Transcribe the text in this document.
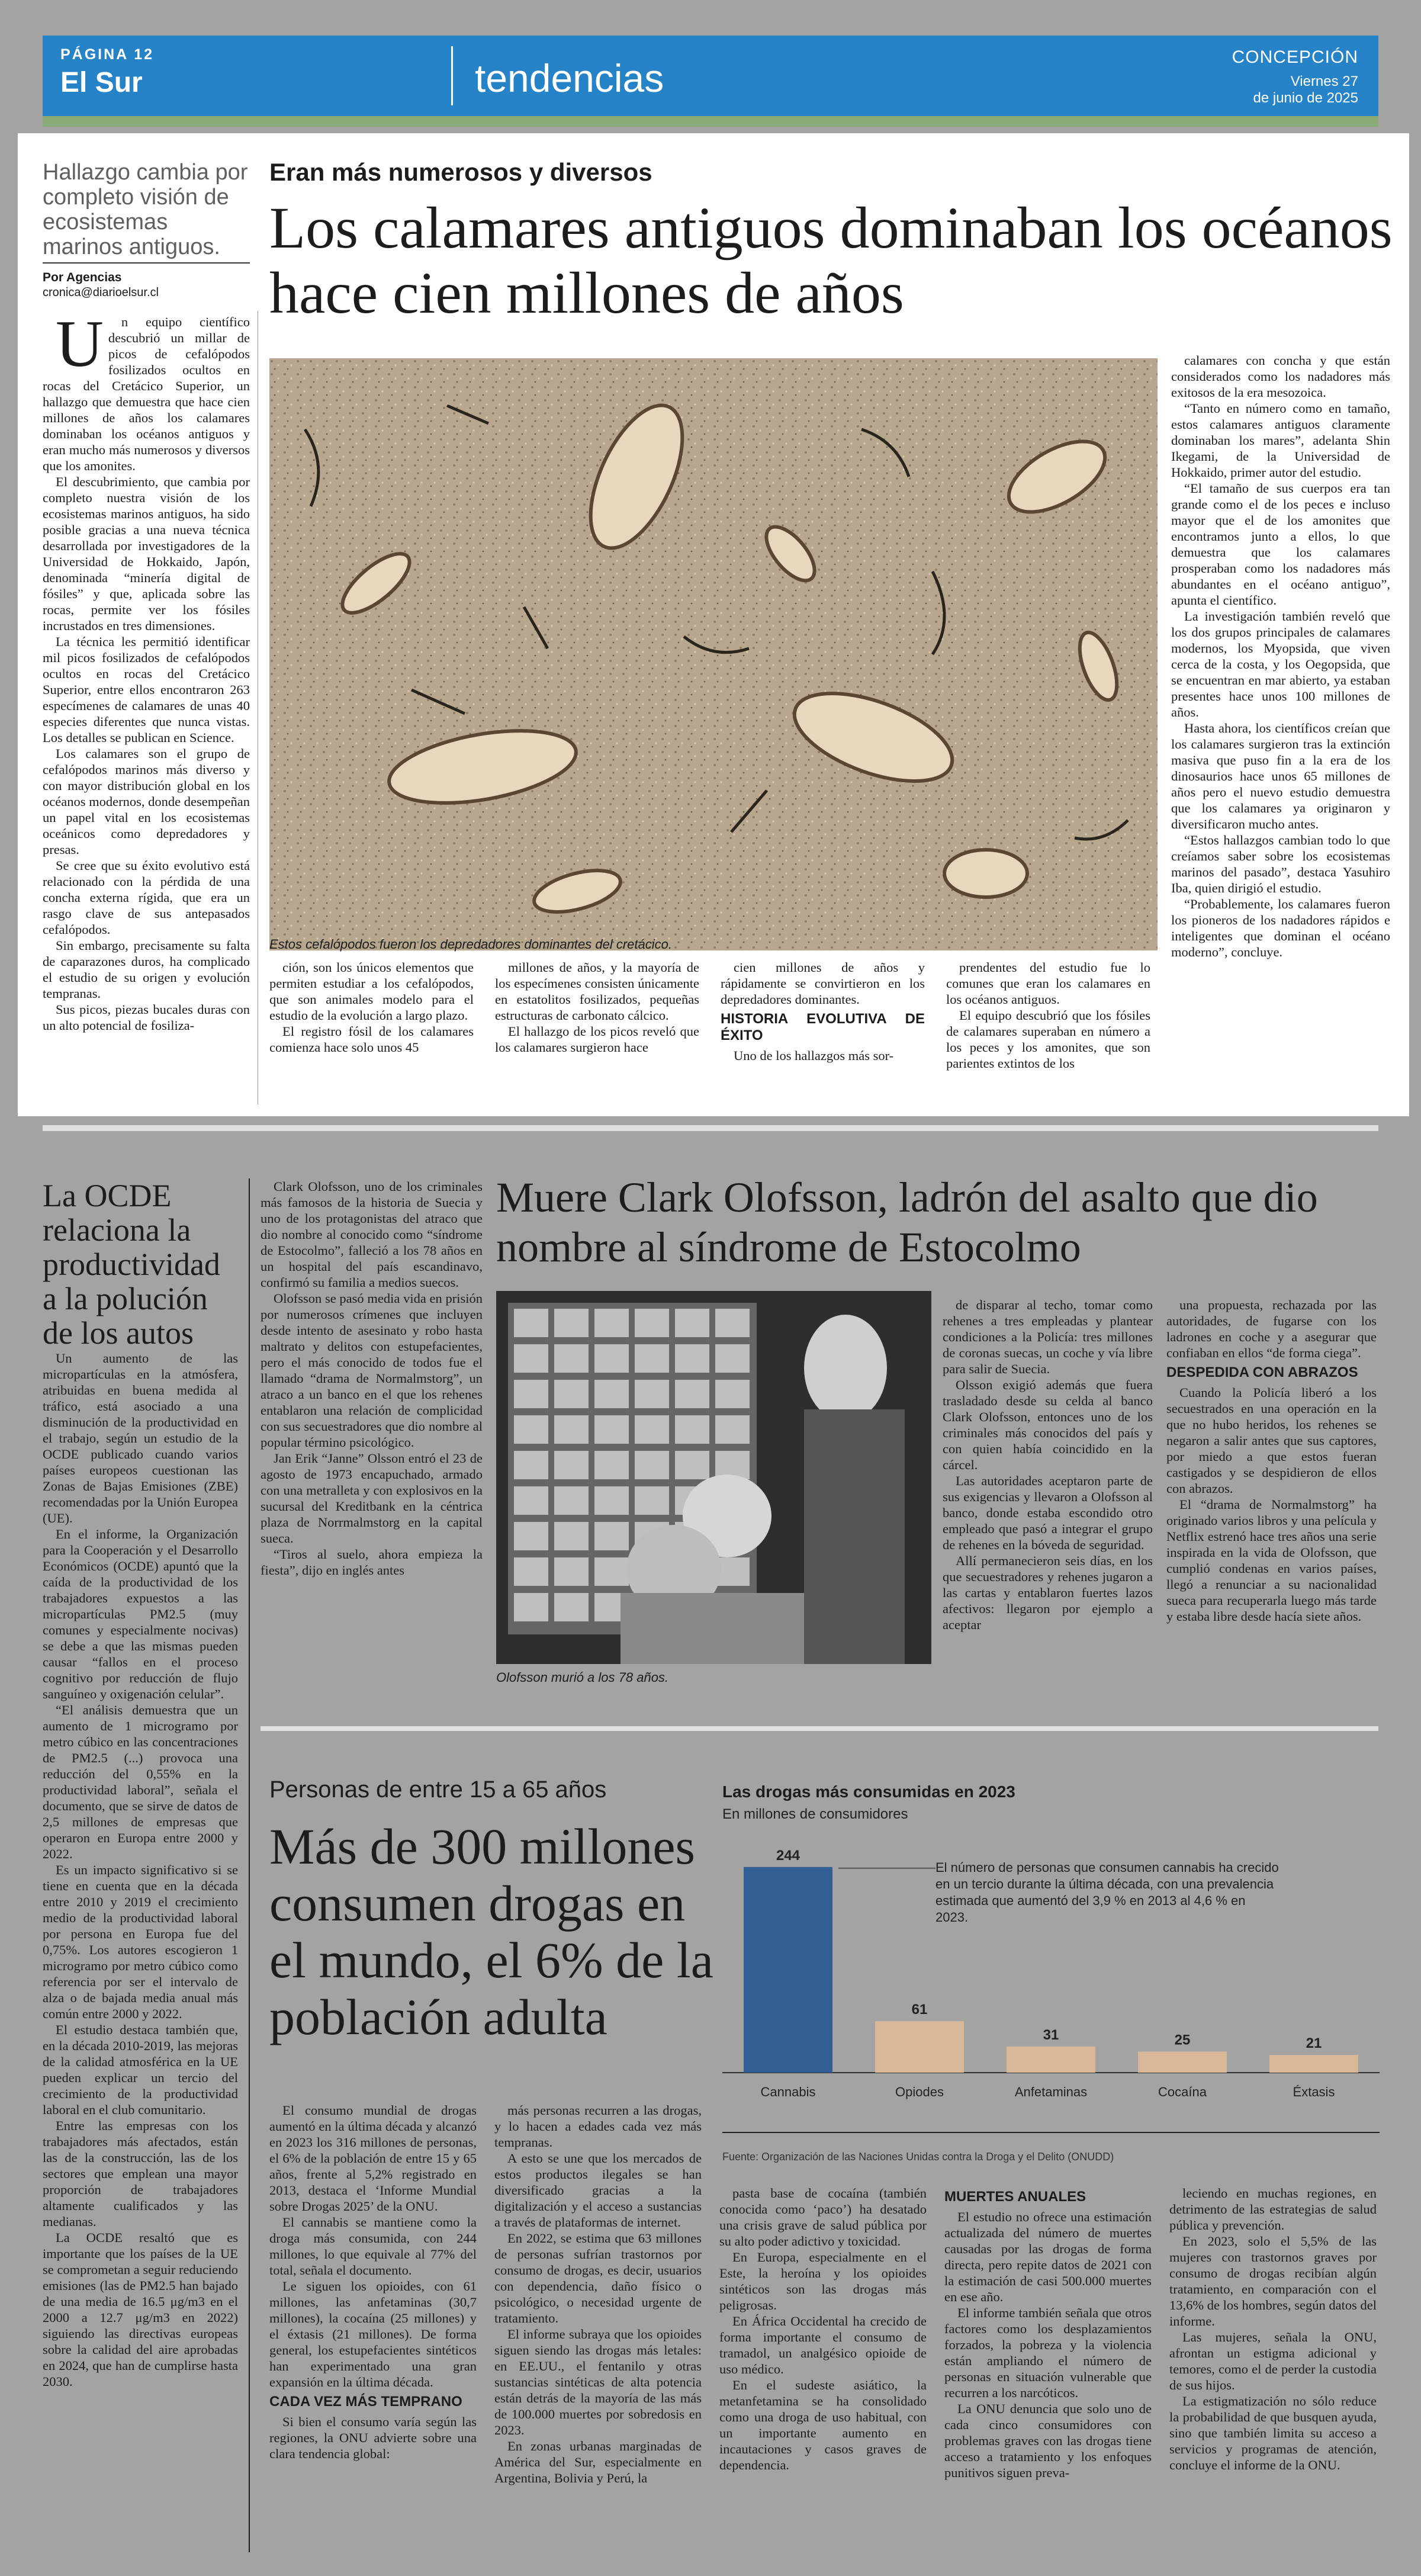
PÁGINA 12
El Sur	tendencias	CONCEPCIÓN
Viernes 27
de junio de 2025
Hallazgo cambia por completo visión de ecosistemas marinos antiguos.
Por Agencias
cronica@diarioelsur.cl
Eran más numerosos y diversos
Los calamares antiguos dominaban los océanos hace cien millones de años

Un equipo científico descubrió un millar de picos de cefalópodos fosilizados ocultos en rocas del Cretácico Superior, un hallazgo que demuestra que hace cien millones de años los calamares dominaban los océanos antiguos y eran mucho más numerosos y diversos que los amonites.

El descubrimiento, que cambia por completo nuestra visión de los ecosistemas marinos antiguos, ha sido posible gracias a una nueva técnica desarrollada por investigadores de la Universidad de Hokkaido, Japón, denominada “minería digital de fósiles” y que, aplicada sobre las rocas, permite ver los fósiles incrustados en tres dimensiones.

La técnica les permitió identificar mil picos fosilizados de cefalópodos ocultos en rocas del Cretácico Superior, entre ellos encontraron 263 especímenes de calamares de unas 40 especies diferentes que nunca vistas. Los detalles se publican en Science.

Los calamares son el grupo de cefalópodos marinos más diverso y con mayor distribución global en los océanos modernos, donde desempeñan un papel vital en los ecosistemas oceánicos como depredadores y presas.

Se cree que su éxito evolutivo está relacionado con la pérdida de una concha externa rígida, que era un rasgo clave de sus antepasados cefalópodos.

Sin embargo, precisamente su falta de caparazones duros, ha complicado el estudio de su origen y evolución tempranas.

Sus picos, piezas bucales duras con un alto potencial de fosiliza-

Estos cefalópodos fueron los depredadores dominantes del cretácico.

ción, son los únicos elementos que permiten estudiar a los cefalópodos, que son animales modelo para el estudio de la evolución a largo plazo.

El registro fósil de los calamares comienza hace solo unos 45

millones de años, y la mayoría de los especímenes consisten únicamente en estatolitos fosilizados, pequeñas estructuras de carbonato cálcico.

El hallazgo de los picos reveló que los calamares surgieron hace

cien millones de años y rápidamente se convirtieron en los depredadores dominantes.

HISTORIA EVOLUTIVA DE ÉXITO

Uno de los hallazgos más sor-

prendentes del estudio fue lo comunes que eran los calamares en los océanos antiguos.

El equipo descubrió que los fósiles de calamares superaban en número a los peces y los amonites, que son parientes extintos de los

calamares con concha y que están considerados como los nadadores más exitosos de la era mesozoica.

“Tanto en número como en tamaño, estos calamares antiguos claramente dominaban los mares”, adelanta Shin Ikegami, de la Universidad de Hokkaido, primer autor del estudio.

“El tamaño de sus cuerpos era tan grande como el de los peces e incluso mayor que el de los amonites que encontramos junto a ellos, lo que demuestra que los calamares prosperaban como los nadadores más abundantes en el océano antiguo”, apunta el científico.

La investigación también reveló que los dos grupos principales de calamares modernos, los Myopsida, que viven cerca de la costa, y los Oegopsida, que se encuentran en mar abierto, ya estaban presentes hace unos 100 millones de años.

Hasta ahora, los científicos creían que los calamares surgieron tras la extinción masiva que puso fin a la era de los dinosaurios hace unos 65 millones de años pero el nuevo estudio demuestra que los calamares ya originaron y diversificaron mucho antes.

“Estos hallazgos cambian todo lo que creíamos saber sobre los ecosistemas marinos del pasado”, destaca Yasuhiro Iba, quien dirigió el estudio.

“Probablemente, los calamares fueron los pioneros de los nadadores rápidos e inteligentes que dominan el océano moderno”, concluye.

La OCDE relaciona la productividad a la polución de los autos

Un aumento de las micropartículas en la atmósfera, atribuidas en buena medida al tráfico, está asociado a una disminución de la productividad en el trabajo, según un estudio de la OCDE publicado cuando varios países europeos cuestionan las Zonas de Bajas Emisiones (ZBE) recomendadas por la Unión Europea (UE).

En el informe, la Organización para la Cooperación y el Desarrollo Económicos (OCDE) apuntó que la caída de la productividad de los trabajadores expuestos a las micropartículas PM2.5 (muy comunes y especialmente nocivas) se debe a que las mismas pueden causar “fallos en el proceso cognitivo por reducción de flujo sanguíneo y oxigenación celular”.

“El análisis demuestra que un aumento de 1 microgramo por metro cúbico en las concentraciones de PM2.5 (...) provoca una reducción del 0,55% en la productividad laboral”, señala el documento, que se sirve de datos de 2,5 millones de empresas que operaron en Europa entre 2000 y 2022.

Es un impacto significativo si se tiene en cuenta que en la década entre 2010 y 2019 el crecimiento medio de la productividad laboral por persona en Europa fue del 0,75%. Los autores escogieron 1 microgramo por metro cúbico como referencia por ser el intervalo de alza o de bajada media anual más común entre 2000 y 2022.

El estudio destaca también que, en la década 2010-2019, las mejoras de la calidad atmosférica en la UE pueden explicar un tercio del crecimiento de la productividad laboral en el club comunitario.

Entre las empresas con los trabajadores más afectados, están las de la construcción, las de los sectores que emplean una mayor proporción de trabajadores altamente cualificados y las medianas.

La OCDE resaltó que es importante que los países de la UE se comprometan a seguir reduciendo emisiones (las de PM2.5 han bajado de una media de 16.5 μg/m3 en el 2000 a 12.7 μg/m3 en 2022) siguiendo las directivas europeas sobre la calidad del aire aprobadas en 2024, que han de cumplirse hasta 2030.

Clark Olofsson, uno de los criminales más famosos de la historia de Suecia y uno de los protagonistas del atraco que dio nombre al conocido como “síndrome de Estocolmo”, falleció a los 78 años en un hospital del país escandinavo, confirmó su familia a medios suecos.

Olofsson se pasó media vida en prisión por numerosos crímenes que incluyen desde intento de asesinato y robo hasta maltrato y delitos con estupefacientes, pero el más conocido de todos fue el llamado “drama de Normalmstorg”, un atraco a un banco en el que los rehenes entablaron una relación de complicidad con sus secuestradores que dio nombre al popular término psicológico.

Jan Erik “Janne” Olsson entró el 23 de agosto de 1973 encapuchado, armado con una metralleta y con explosivos en la sucursal del Kreditbank en la céntrica plaza de Norrmalmstorg en la capital sueca.

“Tiros al suelo, ahora empieza la fiesta”, dijo en inglés antes

Muere Clark Olofsson, ladrón del asalto que dio nombre al síndrome de Estocolmo
Olofsson murió a los 78 años.

de disparar al techo, tomar como rehenes a tres empleadas y plantear condiciones a la Policía: tres millones de coronas suecas, un coche y vía libre para salir de Suecia.

Olsson exigió además que fuera trasladado desde su celda al banco Clark Olofsson, entonces uno de los criminales más conocidos del país y con quien había coincidido en la cárcel.

Las autoridades aceptaron parte de sus exigencias y llevaron a Olofsson al banco, donde estaba escondido otro empleado que pasó a integrar el grupo de rehenes en la bóveda de seguridad.

Allí permanecieron seis días, en los que secuestradores y rehenes jugaron a las cartas y entablaron fuertes lazos afectivos: llegaron por ejemplo a aceptar

una propuesta, rechazada por las autoridades, de fugarse con los ladrones en coche y a asegurar que confiaban en ellos “de forma ciega”.

DESPEDIDA CON ABRAZOS

Cuando la Policía liberó a los secuestrados en una operación en la que no hubo heridos, los rehenes se negaron a salir antes que sus captores, por miedo a que estos fueran castigados y se despidieron de ellos con abrazos.

El “drama de Normalmstorg” ha originado varios libros y una película y Netflix estrenó hace tres años una serie inspirada en la vida de Olofsson, que cumplió condenas en varios países, llegó a renunciar a su nacionalidad sueca para recuperarla luego más tarde y estaba libre desde hacía siete años.

Personas de entre 15 a 65 años
Más de 300 millones consumen drogas en el mundo, el 6% de la población adulta
Las drogas más consumidas en 2023
En millones de consumidores
244
Cannabis
61
Opiodes
31
Anfetaminas
25
Cocaína
21
Éxtasis
El número de personas que consumen cannabis ha crecido en un tercio durante la última década, con una prevalencia estimada que aumentó del 3,9 % en 2013 al 4,6 % en 2023.
Fuente: Organización de las Naciones Unidas contra la Droga y el Delito (ONUDD)

El consumo mundial de drogas aumentó en la última década y alcanzó en 2023 los 316 millones de personas, el 6% de la población de entre 15 y 65 años, frente al 5,2% registrado en 2013, destaca el ‘Informe Mundial sobre Drogas 2025’ de la ONU.

El cannabis se mantiene como la droga más consumida, con 244 millones, lo que equivale al 77% del total, señala el documento.

Le siguen los opioides, con 61 millones, las anfetaminas (30,7 millones), la cocaína (25 millones) y el éxtasis (21 millones). De forma general, los estupefacientes sintéticos han experimentado una gran expansión en la última década.

CADA VEZ MÁS TEMPRANO

Si bien el consumo varía según las regiones, la ONU advierte sobre una clara tendencia global:

más personas recurren a las drogas, y lo hacen a edades cada vez más tempranas.

A esto se une que los mercados de estos productos ilegales se han diversificado gracias a la digitalización y el acceso a sustancias a través de plataformas de internet.

En 2022, se estima que 63 millones de personas sufrían trastornos por consumo de drogas, es decir, usuarios con dependencia, daño físico o psicológico, o necesidad urgente de tratamiento.

El informe subraya que los opioides siguen siendo las drogas más letales: en EE.UU., el fentanilo y otras sustancias sintéticas de alta potencia están detrás de la mayoría de las más de 100.000 muertes por sobredosis en 2023.

En zonas urbanas marginadas de América del Sur, especialmente en Argentina, Bolivia y Perú, la

pasta base de cocaína (también conocida como ‘paco’) ha desatado una crisis grave de salud pública por su alto poder adictivo y toxicidad.

En Europa, especialmente en el Este, la heroína y los opioides sintéticos son las drogas más peligrosas.

En África Occidental ha crecido de forma importante el consumo de tramadol, un analgésico opioide de uso médico.

En el sudeste asiático, la metanfetamina se ha consolidado como una droga de uso habitual, con un importante aumento en incautaciones y casos graves de dependencia.

MUERTES ANUALES

El estudio no ofrece una estimación actualizada del número de muertes causadas por las drogas de forma directa, pero repite datos de 2021 con la estimación de casi 500.000 muertes en ese año.

El informe también señala que otros factores como los desplazamientos forzados, la pobreza y la violencia están ampliando el número de personas en situación vulnerable que recurren a los narcóticos.

La ONU denuncia que solo uno de cada cinco consumidores con problemas graves con las drogas tiene acceso a tratamiento y los enfoques punitivos siguen preva-

leciendo en muchas regiones, en detrimento de las estrategias de salud pública y prevención.

En 2023, solo el 5,5% de las mujeres con trastornos graves por consumo de drogas recibían algún tratamiento, en comparación con el 13,6% de los hombres, según datos del informe.

Las mujeres, señala la ONU, afrontan un estigma adicional y temores, como el de perder la custodia de sus hijos.

La estigmatización no sólo reduce la probabilidad de que busquen ayuda, sino que también limita su acceso a servicios y programas de atención, concluye el informe de la ONU.
